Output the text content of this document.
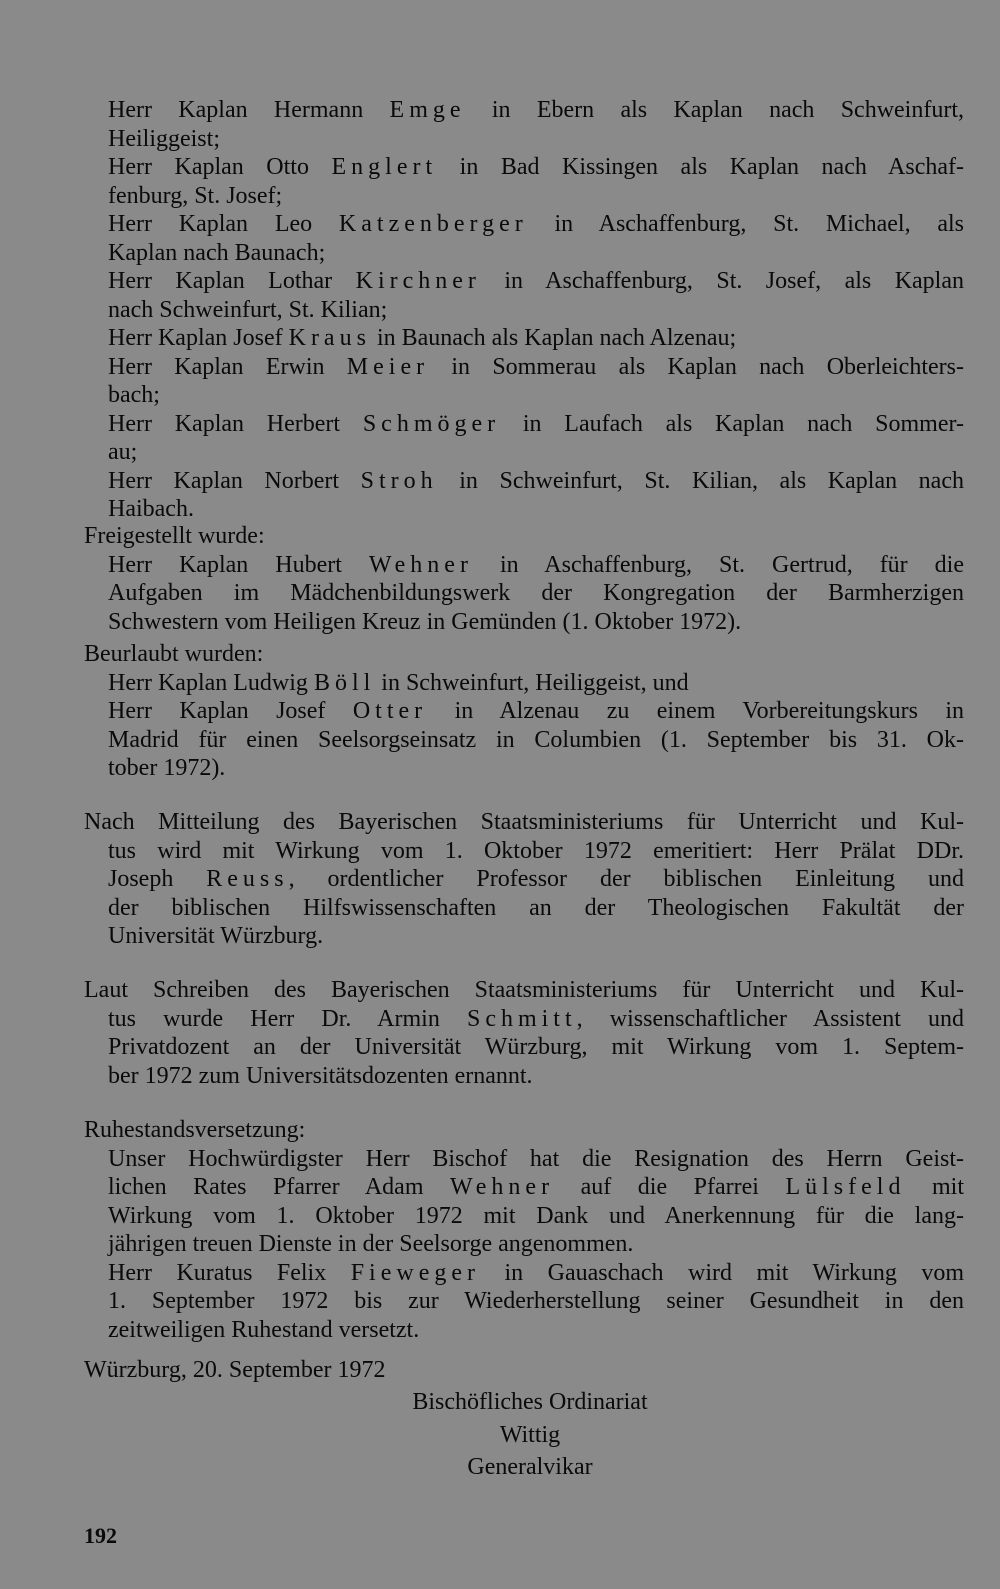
Herr Kaplan Hermann Emge in Ebern als Kaplan nach Schweinfurt,
Heiliggeist;
Herr Kaplan Otto Englert in Bad Kissingen als Kaplan nach Aschaf-
fenburg, St. Josef;
Herr Kaplan Leo Katzenberger in Aschaffenburg, St. Michael, als
Kaplan nach Baunach;
Herr Kaplan Lothar Kirchner in Aschaffenburg, St. Josef, als Kaplan
nach Schweinfurt, St. Kilian;
Herr Kaplan Josef Kraus in Baunach als Kaplan nach Alzenau;
Herr Kaplan Erwin Meier in Sommerau als Kaplan nach Oberleichters-
bach;
Herr Kaplan Herbert Schmöger in Laufach als Kaplan nach Sommer-
au;
Herr Kaplan Norbert Stroh in Schweinfurt, St. Kilian, als Kaplan nach
Haibach.
Freigestellt wurde:
Herr Kaplan Hubert Wehner in Aschaffenburg, St. Gertrud, für die
Aufgaben im Mädchenbildungswerk der Kongregation der Barmherzigen
Schwestern vom Heiligen Kreuz in Gemünden (1. Oktober 1972).
Beurlaubt wurden:
Herr Kaplan Ludwig Böll in Schweinfurt, Heiliggeist, und
Herr Kaplan Josef Otter in Alzenau zu einem Vorbereitungskurs in
Madrid für einen Seelsorgseinsatz in Columbien (1. September bis 31. Ok-
tober 1972).
Nach Mitteilung des Bayerischen Staatsministeriums für Unterricht und Kul-
tus wird mit Wirkung vom 1. Oktober 1972 emeritiert: Herr Prälat DDr.
Joseph Reuss, ordentlicher Professor der biblischen Einleitung und
der biblischen Hilfswissenschaften an der Theologischen Fakultät der
Universität Würzburg.
Laut Schreiben des Bayerischen Staatsministeriums für Unterricht und Kul-
tus wurde Herr Dr. Armin Schmitt, wissenschaftlicher Assistent und
Privatdozent an der Universität Würzburg, mit Wirkung vom 1. Septem-
ber 1972 zum Universitätsdozenten ernannt.
Ruhestandsversetzung:
Unser Hochwürdigster Herr Bischof hat die Resignation des Herrn Geist-
lichen Rates Pfarrer Adam Wehner auf die Pfarrei Lülsfeld mit
Wirkung vom 1. Oktober 1972 mit Dank und Anerkennung für die lang-
jährigen treuen Dienste in der Seelsorge angenommen.
Herr Kuratus Felix Fieweger in Gauaschach wird mit Wirkung vom
1. September 1972 bis zur Wiederherstellung seiner Gesundheit in den
zeitweiligen Ruhestand versetzt.
Würzburg, 20. September 1972
Bischöfliches Ordinariat
Wittig
Generalvikar
192
